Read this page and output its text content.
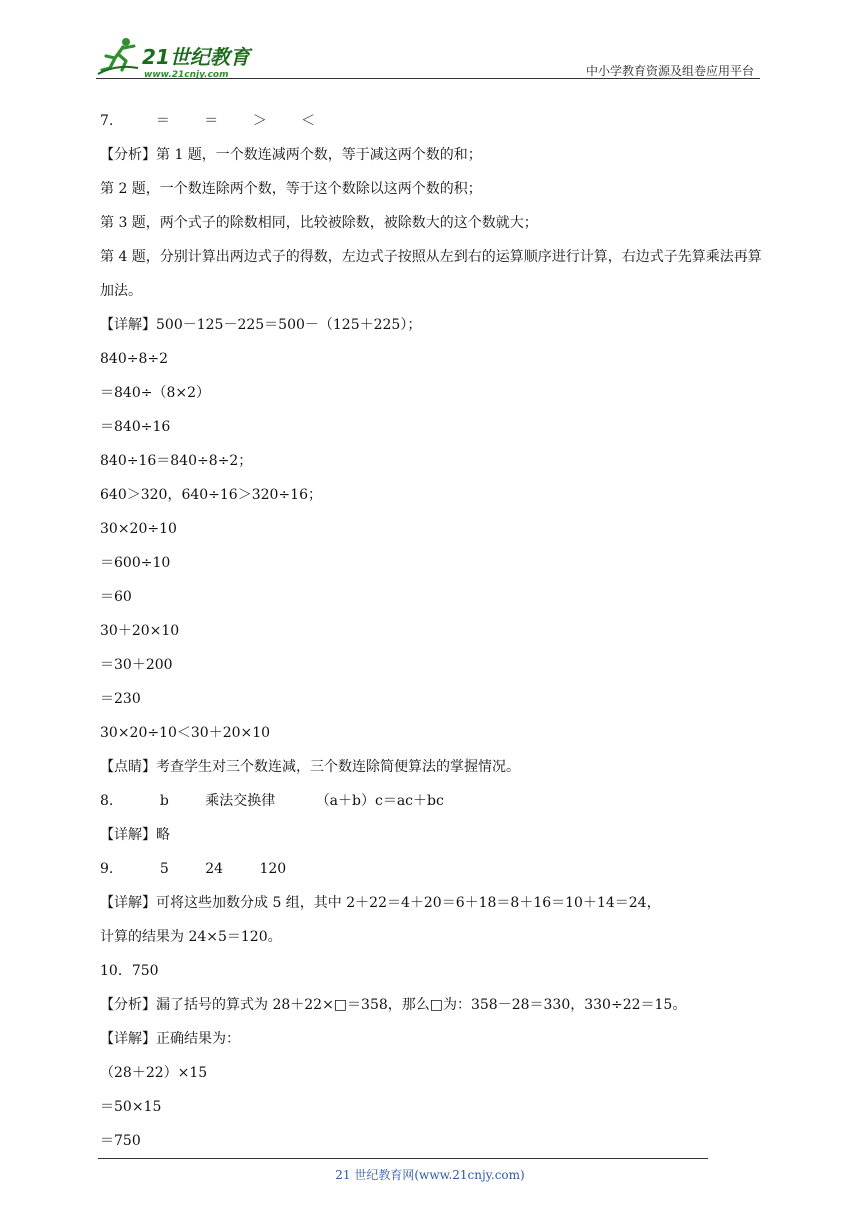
21世纪教育
www.21cnjy.com	中小学教育资源及组卷应用平台
7.	＝ ＝ ＞ ＜
【分析】第 1 题，一个数连减两个数，等于减这两个数的和；
第 2 题，一个数连除两个数，等于这个数除以这两个数的积；
第 3 题，两个式子的除数相同，比较被除数，被除数大的这个数就大；
第 4 题，分别计算出两边式子的得数，左边式子按照从左到右的运算顺序进行计算，右边式子先算乘法再算加法。
【详解】500－125－225＝500－（125＋225）；
840÷8÷2
＝840÷（8×2）
＝840÷16
840÷16＝840÷8÷2；
640＞320，640÷16＞320÷16；
30×20÷10
＝600÷10
＝60
30＋20×10
＝30＋200
＝230
30×20÷10＜30＋20×10
【点睛】考查学生对三个数连减，三个数连除简便算法的掌握情况。
8.	b	乘法交换律	（a＋b）c＝ac＋bc
【详解】略
9.	5	24	120
【详解】可将这些加数分成 5 组，其中 2＋22＝4＋20＝6＋18＝8＋16＝10＋14＝24，
计算的结果为 24×5＝120。
10．750
【分析】漏了括号的算式为 28＋22×□＝358，那么□为：358－28＝330，330÷22＝15。
【详解】正确结果为：
（28＋22）×15
＝50×15
＝750
21 世纪教育网(www.21cnjy.com)
